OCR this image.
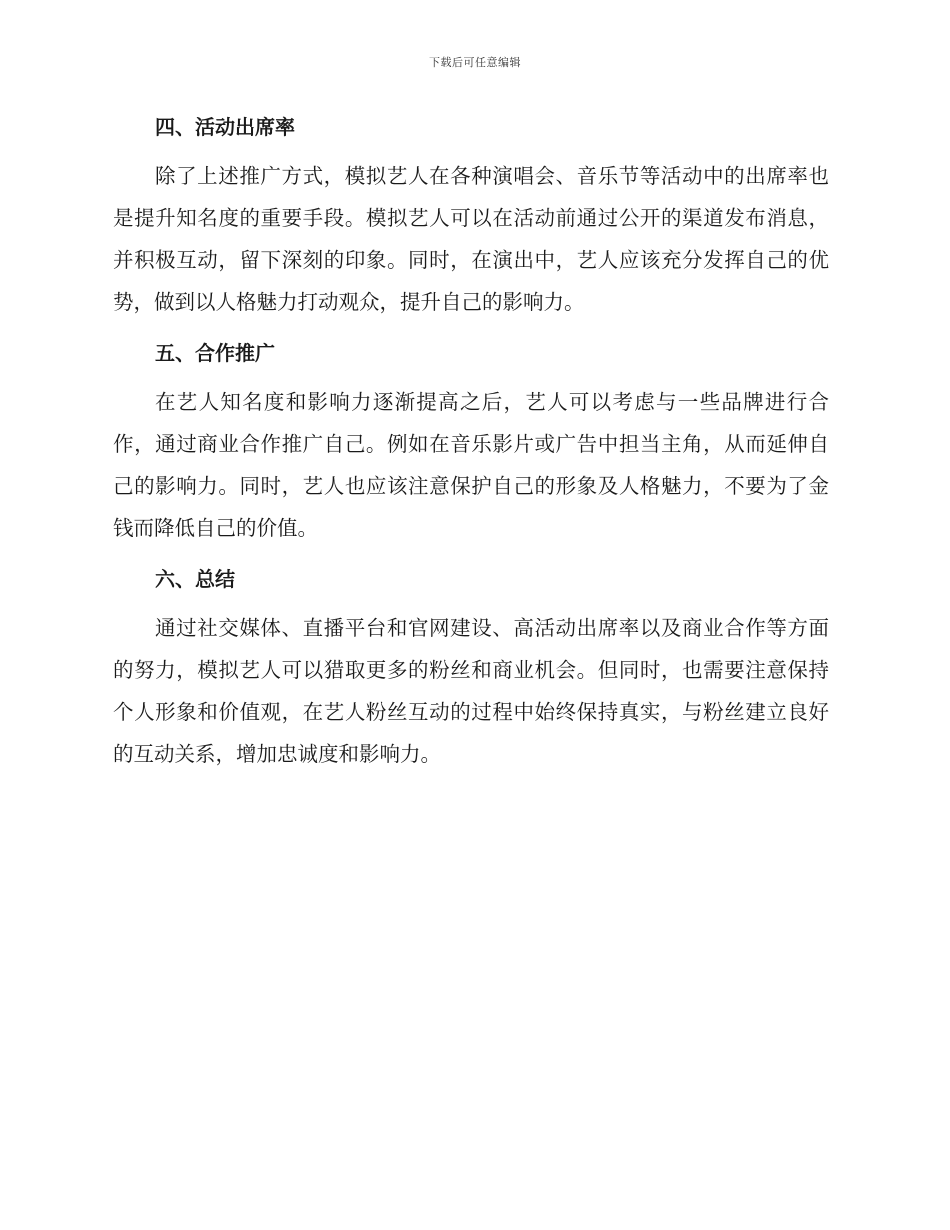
下载后可任意编辑
四、活动出席率

除了上述推广方式，模拟艺人在各种演唱会、音乐节等活动中的出席率也是提升知名度的重要手段。模拟艺人可以在活动前通过公开的渠道发布消息，并积极互动，留下深刻的印象。同时，在演出中，艺人应该充分发挥自己的优势，做到以人格魅力打动观众，提升自己的影响力。

五、合作推广

在艺人知名度和影响力逐渐提高之后，艺人可以考虑与一些品牌进行合作，通过商业合作推广自己。例如在音乐影片或广告中担当主角，从而延伸自己的影响力。同时，艺人也应该注意保护自己的形象及人格魅力，不要为了金钱而降低自己的价值。

六、总结

通过社交媒体、直播平台和官网建设、高活动出席率以及商业合作等方面的努力，模拟艺人可以猎取更多的粉丝和商业机会。但同时，也需要注意保持个人形象和价值观，在艺人粉丝互动的过程中始终保持真实，与粉丝建立良好的互动关系，增加忠诚度和影响力。
